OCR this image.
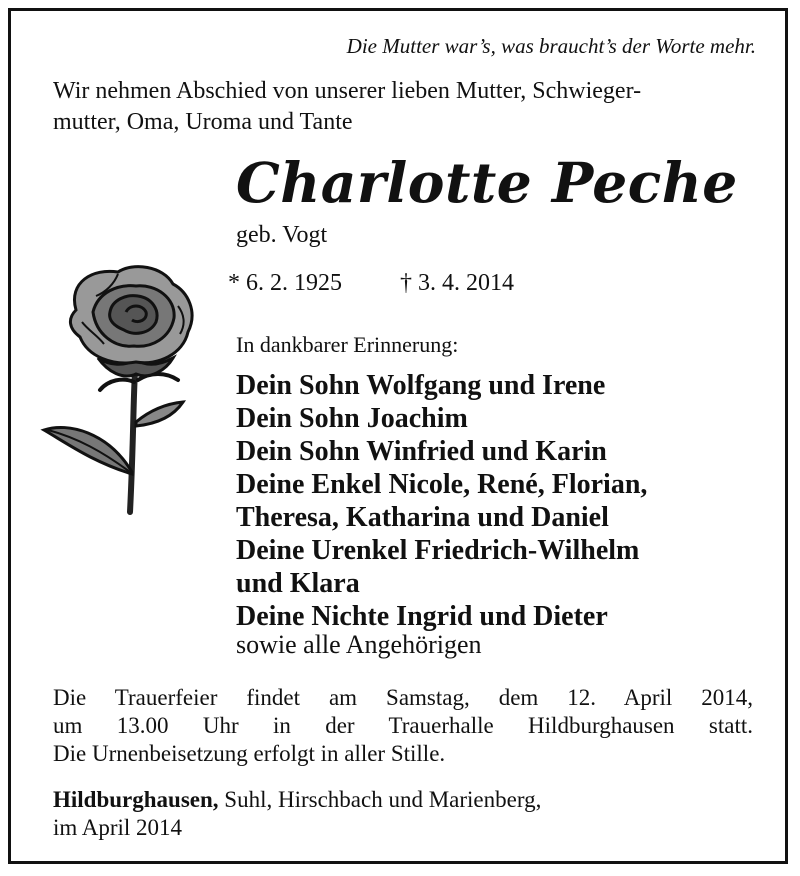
Die Mutter war’s, was braucht’s der Worte mehr.
Wir nehmen Abschied von unserer lieben Mutter, Schwieger-
mutter, Oma, Uroma und Tante
Charlotte Peche
geb. Vogt
* 6. 2. 1925 † 3. 4. 2014
In dankbarer Erinnerung:
Dein Sohn Wolfgang und Irene
Dein Sohn Joachim
Dein Sohn Winfried und Karin
Deine Enkel Nicole, René, Florian,
Theresa, Katharina und Daniel
Deine Urenkel Friedrich-Wilhelm
und Klara
Deine Nichte Ingrid und Dieter
sowie alle Angehörigen
Die Trauerfeier findet am Samstag, dem 12. April 2014,
um 13.00 Uhr in der Trauerhalle Hildburghausen statt.
Die Urnenbeisetzung erfolgt in aller Stille.
Hildburghausen, Suhl, Hirschbach und Marienberg,
im April 2014
